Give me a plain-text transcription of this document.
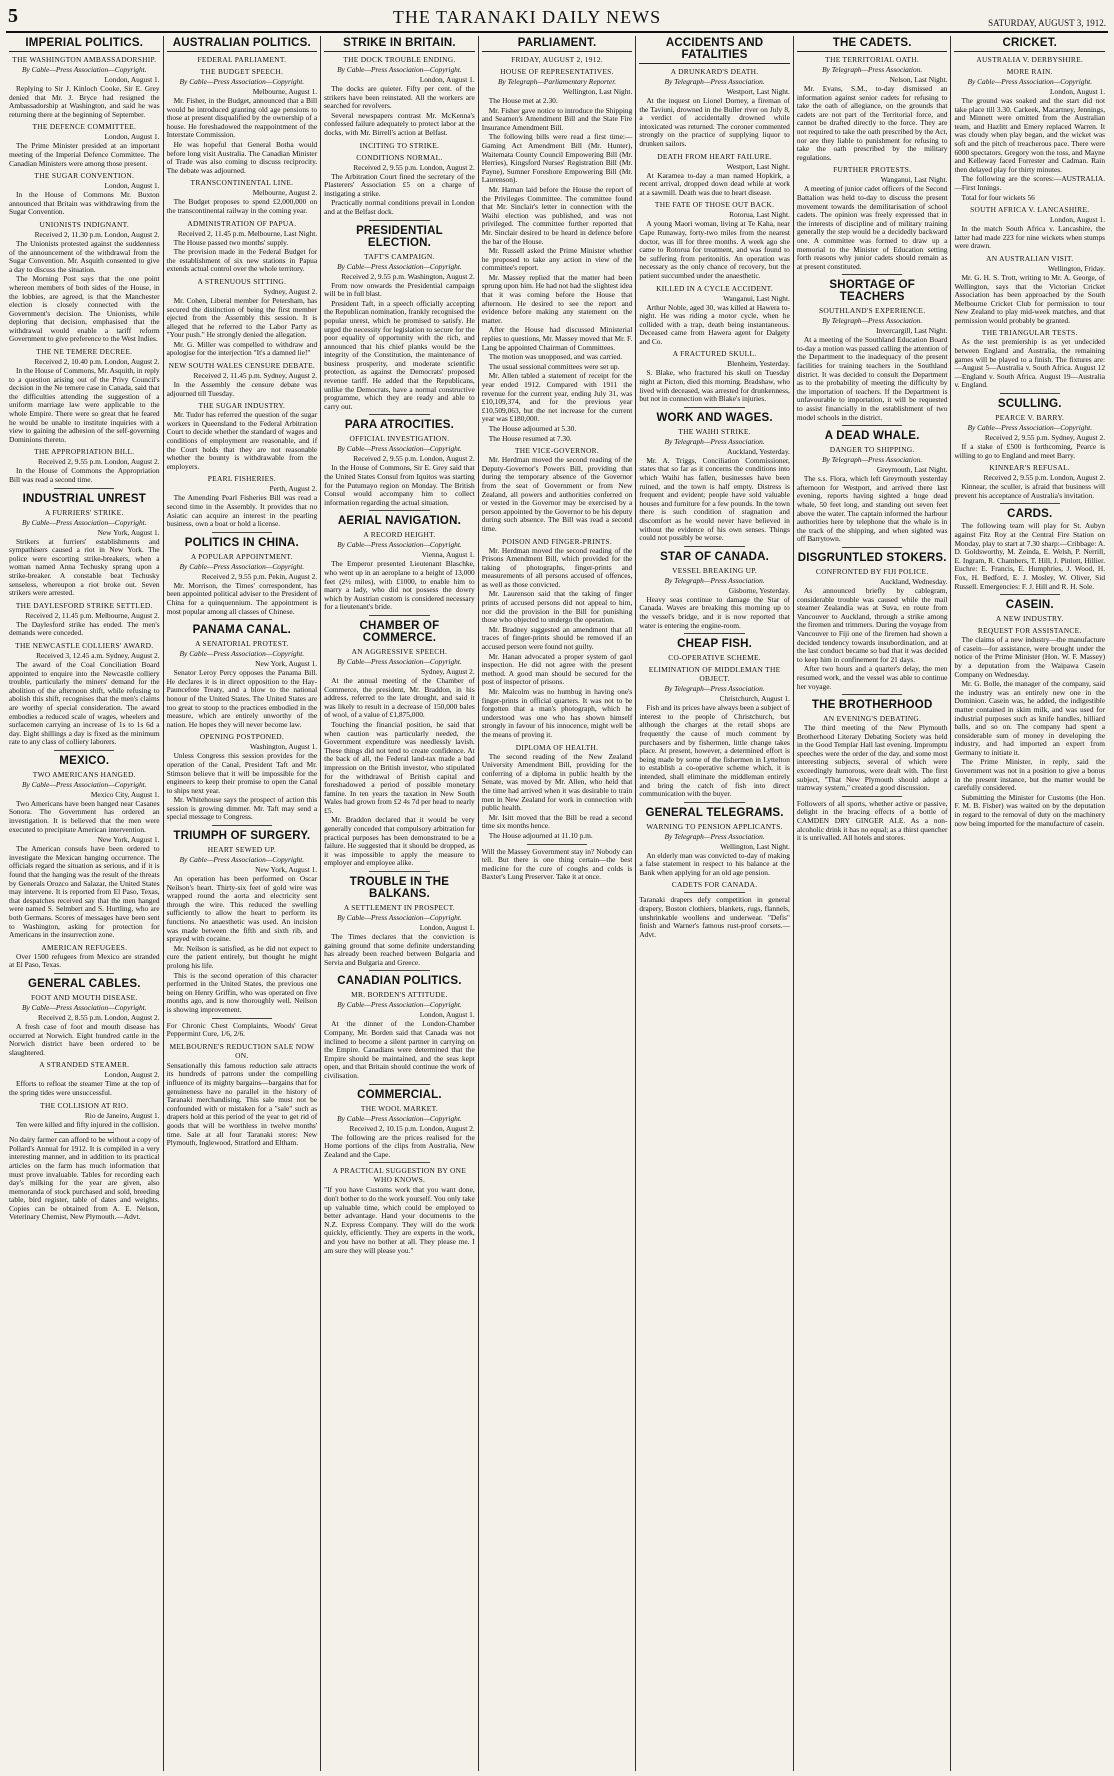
5	THE TARANAKI DAILY NEWS	SATURDAY, AUGUST 3, 1912.
IMPERIAL POLITICS.
THE WASHINGTON AMBASSADORSHIP.
By Cable—Press Association—Copyright.
London, August 1.
Replying to Sir J. Kinloch Cooke, Sir E. Grey denied that Mr. J. Bryce had resigned the Ambassadorship at Washington, and said he was returning there at the beginning of September.
THE DEFENCE COMMITTEE.
London, August 1.
The Prime Minister presided at an important meeting of the Imperial Defence Committee. The Canadian Ministers were among those present.
THE SUGAR CONVENTION.
London, August 1.
In the House of Commons Mr. Buxton announced that Britain was withdrawing from the Sugar Convention.
UNIONISTS INDIGNANT.
Received 2, 11.30 p.m. London, August 2.
The Unionists protested against the suddenness of the announcement of the withdrawal from the Sugar Convention. Mr. Asquith consented to give a day to discuss the situation.
The Morning Post says that the one point whereon members of both sides of the House, in the lobbies, are agreed, is that the Manchester election is closely connected with the Government's decision. The Unionists, while deploring that decision, emphasised that the withdrawal would enable a tariff reform Government to give preference to the West Indies.
THE NE TEMERE DECREE.
Received 2, 10.40 p.m. London, August 2.
In the House of Commons, Mr. Asquith, in reply to a question arising out of the Privy Council's decision in the Ne temere case in Canada, said that the difficulties attending the suggestion of a uniform marriage law were applicable to the whole Empire. There were so great that he feared he would be unable to institute inquiries with a view to gaining the adhesion of the self-governing Dominions thereto.
THE APPROPRIATION BILL.
Received 2, 9.55 p.m. London, August 2.
In the House of Commons the Appropriation Bill was read a second time.
INDUSTRIAL UNREST
A FURRIERS' STRIKE.
By Cable—Press Association—Copyright.
New York, August 1.
Strikers at furriers' establishments and sympathisers caused a riot in New York. The police were escorting strike-breakers, when a woman named Anna Techusky sprang upon a strike-breaker. A constable beat Techusky senseless, whereupon a riot broke out. Seven strikers were arrested.
THE DAYLESFORD STRIKE SETTLED.
Received 2, 11.45 p.m. Melbourne, August 2.
The Daylesford strike has ended. The men's demands were conceded.
THE NEWCASTLE COLLIERS' AWARD.
Received 3, 12.45 a.m. Sydney, August 2.
The award of the Coal Conciliation Board appointed to enquire into the Newcastle colliery trouble, particularly the miners' demand for the abolition of the afternoon shift, while refusing to abolish this shift, recognises that the men's claims are worthy of special consideration. The award embodies a reduced scale of wages, wheelers and surfacemen carrying an increase of 1s to 1s 6d a day. Eight shillings a day is fixed as the minimum rate to any class of colliery laborers.
MEXICO.
TWO AMERICANS HANGED.
By Cable—Press Association—Copyright.
Mexico City, August 1.
Two Americans have been hanged near Casanes Sonora. The Government has ordered an investigation. It is believed that the men were executed to precipitate American intervention.
New York, August 1.
The American consuls have been ordered to investigate the Mexican hanging occurrence. The officials regard the situation as serious, and if it is found that the hanging was the result of the threats by Generals Orozco and Salazar, the United States may intervene. It is reported from El Paso, Texas, that despatches received say that the men hanged were named S. Selmbert and S. Hurtling, who are both Germans. Scores of messages have been sent to Washington, asking for protection for Americans in the insurrection zone.
AMERICAN REFUGEES.
Over 1500 refugees from Mexico are stranded at El Paso, Texas.
GENERAL CABLES.
FOOT AND MOUTH DISEASE.
By Cable—Press Association—Copyright.
Received 2, 8.55 p.m. London, August 2.
A fresh case of foot and mouth disease has occurred at Norwich. Eight hundred cattle in the Norwich district have been ordered to be slaughtered.
A STRANDED STEAMER.
London, August 2.
Efforts to refloat the steamer Time at the top of the spring tides were unsuccessful.
THE COLLISION AT RIO.
Rio de Janeiro, August 1.
Ten were killed and fifty injured in the collision.
No dairy farmer can afford to be without a copy of Pollard's Annual for 1912. It is compiled in a very interesting manner, and in addition to its practical articles on the farm has much information that must prove invaluable. Tables for recording each day's milking for the year are given, also memoranda of stock purchased and sold, breeding table, bird register, table of dates and weights. Copies can be obtained from A. E. Nelson, Veterinary Chemist, New Plymouth.—Advt.
AUSTRALIAN POLITICS.
FEDERAL PARLIAMENT.
THE BUDGET SPEECH.
By Cable—Press Association—Copyright.
Melbourne, August 1.
Mr. Fisher, in the Budget, announced that a Bill would be introduced granting old age pensions to those at present disqualified by the ownership of a house. He foreshadowed the reappointment of the Interstate Commission.
He was hopeful that General Botha would before long visit Australia. The Canadian Minister of Trade was also coming to discuss reciprocity. The debate was adjourned.
TRANSCONTINENTAL LINE.
Melbourne, August 2.
The Budget proposes to spend £2,000,000 on the transcontinental railway in the coming year.
ADMINISTRATION OF PAPUA.
Received 2, 11.45 p.m. Melbourne, Last Night.
The House passed two months' supply.
The provision made in the Federal Budget for the establishment of six new stations in Papua extends actual control over the whole territory.
A STRENUOUS SITTING.
Sydney, August 2.
Mr. Cohen, Liberal member for Petersham, has secured the distinction of being the first member ejected from the Assembly this session. It is alleged that he referred to the Labor Party as "Your push." He strongly denied the allegation.
Mr. G. Miller was compelled to withdraw and apologise for the interjection "It's a damned lie!"
NEW SOUTH WALES CENSURE DEBATE.
Received 2, 11.45 p.m. Sydney, August 2.
In the Assembly the censure debate was adjourned till Tuesday.
THE SUGAR INDUSTRY.
Mr. Tudor has referred the question of the sugar workers in Queensland to the Federal Arbitration Court to decide whether the standard of wages and conditions of employment are reasonable, and if the Court holds that they are not reasonable whether the bounty is withdrawable from the employers.
PEARL FISHERIES.
Perth, August 2.
The Amending Pearl Fisheries Bill was read a second time in the Assembly. It provides that no Asiatic can acquire an interest in the pearling business, own a boat or hold a license.
POLITICS IN CHINA.
A POPULAR APPOINTMENT.
By Cable—Press Association—Copyright.
Received 2, 9.55 p.m. Pekin, August 2.
Mr. Morrison, the Times' correspondent, has been appointed political adviser to the President of China for a quinquennium. The appointment is most popular among all classes of Chinese.
PANAMA CANAL.
A SENATORIAL PROTEST.
By Cable—Press Association—Copyright.
New York, August 1.
Senator Leroy Percy opposes the Panama Bill. He declares it is in direct opposition to the Hay-Pauncefote Treaty, and a blow to the national honour of the United States. The United States are too great to stoop to the practices embodied in the measure, which are entirely unworthy of the nation. He hopes they will never become law.
OPENING POSTPONED.
Washington, August 1.
Unless Congress this session provides for the operation of the Canal, President Taft and Mr. Stimson believe that it will be impossible for the engineers to keep their promise to open the Canal to ships next year.
Mr. Whitehouse says the prospect of action this session is growing dimmer. Mr. Taft may send a special message to Congress.
TRIUMPH OF SURGERY.
HEART SEWED UP.
By Cable—Press Association—Copyright.
New York, August 1.
An operation has been performed on Oscar Neilson's heart. Thirty-six feet of gold wire was wrapped round the aorta and electricity sent through the wire. This reduced the swelling sufficiently to allow the heart to perform its functions. No anaesthetic was used. An incision was made between the fifth and sixth rib, and sprayed with cocaine.
Mr. Neilson is satisfied, as he did not expect to cure the patient entirely, but thought he might prolong his life.
This is the second operation of this character performed in the United States, the previous one being on Henry Griffin, who was operated on five months ago, and is now thoroughly well. Neilson is showing improvement.
For Chronic Chest Complaints, Woods' Great Peppermint Cure, 1/6, 2/6.
MELBOURNE'S REDUCTION SALE NOW ON.
Sensationally this famous reduction sale attracts its hundreds of patrons under the compelling influence of its mighty bargains—bargains that for genuineness have no parallel in the history of Taranaki merchandising. This sale must not be confounded with or mistaken for a "sale" such as drapers hold at this period of the year to get rid of goods that will be worthless in twelve months' time. Sale at all four Taranaki stores: New Plymouth, Inglewood, Stratford and Eltham.
STRIKE IN BRITAIN.
THE DOCK TROUBLE ENDING.
By Cable—Press Association—Copyright.
London, August 1.
The docks are quieter. Fifty per cent. of the strikers have been reinstated. All the workers are searched for revolvers.
Several newspapers contrast Mr. McKenna's confessed failure adequately to protect labor at the docks, with Mr. Birrell's action at Belfast.
INCITING TO STRIKE.
CONDITIONS NORMAL.
Received 2, 9.55 p.m. London, August 2.
The Arbitration Court fined the secretary of the Plasterers' Association £5 on a charge of instigating a strike.
Practically normal conditions prevail in London and at the Belfast dock.
PRESIDENTIAL ELECTION.
TAFT'S CAMPAIGN.
By Cable—Press Association—Copyright.
Received 2, 9.55 p.m. Washington, August 2.
From now onwards the Presidential campaign will be in full blast.
President Taft, in a speech officially accepting the Republican nomination, frankly recognised the popular unrest, which he promised to satisfy. He urged the necessity for legislation to secure for the poor equality of opportunity with the rich, and announced that his chief planks would be the integrity of the Constitution, the maintenance of business prosperity, and moderate scientific protection, as against the Democrats' proposed revenue tariff. He added that the Republicans, unlike the Democrats, have a normal constructive programme, which they are ready and able to carry out.
PARA ATROCITIES.
OFFICIAL INVESTIGATION.
By Cable—Press Association—Copyright.
Received 2, 9.55 p.m. London, August 2.
In the House of Commons, Sir E. Grey said that the United States Consul from Iquitos was starting for the Putumayo region on Monday. The British Consul would accompany him to collect information regarding the actual situation.
AERIAL NAVIGATION.
A RECORD HEIGHT.
By Cable—Press Association—Copyright.
Vienna, August 1.
The Emperor presented Lieutenant Blaschke, who went up in an aeroplane to a height of 13,000 feet (2½ miles), with £1000, to enable him to marry a lady, who did not possess the dowry which by Austrian custom is considered necessary for a lieutenant's bride.
CHAMBER OF COMMERCE.
AN AGGRESSIVE SPEECH.
By Cable—Press Association—Copyright.
Sydney, August 2.
At the annual meeting of the Chamber of Commerce, the president, Mr. Braddon, in his address, referred to the late drought, and said it was likely to result in a decrease of 150,000 bales of wool, of a value of £1,875,000.
Touching the financial position, he said that when caution was particularly needed, the Government expenditure was needlessly lavish. These things did not tend to create confidence. At the back of all, the Federal land-tax made a bad impression on the British investor, who stipulated for the withdrawal of British capital and foreshadowed a period of possible monetary famine. In ten years the taxation in New South Wales had grown from £2 4s 7d per head to nearly £5.
Mr. Braddon declared that it would be very generally conceded that compulsory arbitration for practical purposes has been demonstrated to be a failure. He suggested that it should be dropped, as it was impossible to apply the measure to employer and employee alike.
TROUBLE IN THE BALKANS.
A SETTLEMENT IN PROSPECT.
By Cable—Press Association—Copyright.
London, August 1.
The Times declares that the conviction is gaining ground that some definite understanding has already been reached between Bulgaria and Servia and Bulgaria and Greece.
CANADIAN POLITICS.
MR. BORDEN'S ATTITUDE.
By Cable—Press Association—Copyright.
London, August 1.
At the dinner of the London-Chamber Company, Mr. Borden said that Canada was not inclined to become a silent partner in carrying on the Empire. Canadians were determined that the Empire should be maintained, and the seas kept open, and that Britain should continue the work of civilisation.
COMMERCIAL.
THE WOOL MARKET.
By Cable—Press Association—Copyright.
Received 2, 10.15 p.m. London, August 2.
The following are the prices realised for the Home portions of the clips from Australia, New Zealand and the Cape.
A PRACTICAL SUGGESTION BY ONE WHO KNOWS.
"If you have Customs work that you want done, don't bother to do the work yourself. You only take up valuable time, which could be employed to better advantage. Hand your documents to the N.Z. Express Company. They will do the work quickly, efficiently. They are experts in the work, and you have no bother at all. They please me. I am sure they will please you."
PARLIAMENT.
FRIDAY, AUGUST 2, 1912.
HOUSE OF REPRESENTATIVES.
By Telegraph—Parliamentary Reporter.
Wellington, Last Night.
The House met at 2.30.
Mr. Fisher gave notice to introduce the Shipping and Seamen's Amendment Bill and the State Fire Insurance Amendment Bill.
The following bills were read a first time:—Gaming Act Amendment Bill (Mr. Hunter), Waitemata County Council Empowering Bill (Mr. Herries), Kingsford Nurses' Registration Bill (Mr. Payne), Sumner Foreshore Empowering Bill (Mr. Laurenson).
Mr. Haman laid before the House the report of the Privileges Committee. The committee found that Mr. Sinclair's letter in connection with the Waihi election was published, and was not privileged. The committee further reported that Mr. Sinclair desired to be heard in defence before the bar of the House.
Mr. Russell asked the Prime Minister whether he proposed to take any action in view of the committee's report.
Mr. Massey replied that the matter had been sprung upon him. He had not had the slightest idea that it was coming before the House that afternoon. He desired to see the report and evidence before making any statement on the matter.
After the House had discussed Ministerial replies to questions, Mr. Massey moved that Mr. F. Lang be appointed Chairman of Committees.
The motion was unopposed, and was carried.
The usual sessional committees were set up.
Mr. Allen tabled a statement of receipt for the year ended 1912. Compared with 1911 the revenue for the current year, ending July 31, was £10,109,374, and for the previous year £10,509,063, but the net increase for the current year was £180,000.
The House adjourned at 5.30.
The House resumed at 7.30.
THE VICE-GOVERNOR.
Mr. Herdman moved the second reading of the Deputy-Governor's Powers Bill, providing that during the temporary absence of the Governor from the seat of Government or from New Zealand, all powers and authorities conferred on or vested in the Governor may be exercised by a person appointed by the Governor to be his deputy during such absence. The Bill was read a second time.
POISON AND FINGER-PRINTS.
Mr. Herdman moved the second reading of the Prisons Amendment Bill, which provided for the taking of photographs, finger-prints and measurements of all persons accused of offences, as well as those convicted.
Mr. Laurenson said that the taking of finger prints of accused persons did not appeal to him, nor did the provision in the Bill for punishing those who objected to undergo the operation.
Mr. Bradney suggested an amendment that all traces of finger-prints should be removed if an accused person were found not guilty.
Mr. Hanan advocated a proper system of gaol inspection. He did not agree with the present method. A good man should be secured for the post of inspector of prisons.
Mr. Malcolm was no humbug in having one's finger-prints in official quarters. It was not to be forgotten that a man's photograph, which he understood was one who has shown himself strongly in favour of his innocence, might well be the means of proving it.
DIPLOMA OF HEALTH.
The second reading of the New Zealand University Amendment Bill, providing for the conferring of a diploma in public health by the Senate, was moved by Mr. Allen, who held that the time had arrived when it was desirable to train men in New Zealand for work in connection with public health.
Mr. Isitt moved that the Bill be read a second time six months hence.
The House adjourned at 11.10 p.m.
Will the Massey Government stay in? Nobody can tell. But there is one thing certain—the best medicine for the cure of coughs and colds is Baxter's Lung Preserver. Take it at once.
ACCIDENTS AND FATALITIES
A DRUNKARD'S DEATH.
By Telegraph—Press Association.
Westport, Last Night.
At the inquest on Lionel Dorney, a fireman of the Taviuni, drowned in the Buller river on July 8, a verdict of accidentally drowned while intoxicated was returned. The coroner commented strongly on the practice of supplying liquor to drunken sailors.
DEATH FROM HEART FAILURE.
Westport, Last Night.
At Karamea to-day a man named Hopkirk, a recent arrival, dropped down dead while at work at a sawmill. Death was due to heart disease.
THE FATE OF THOSE OUT BACK.
Rotorua, Last Night.
A young Maori woman, living at Te Kaha, near Cape Runaway, forty-two miles from the nearest doctor, was ill for three months. A week ago she came to Rotorua for treatment, and was found to be suffering from peritonitis. An operation was necessary as the only chance of recovery, but the patient succumbed under the anaesthetic.
KILLED IN A CYCLE ACCIDENT.
Wanganui, Last Night.
Arthur Noble, aged 30, was killed at Hawera to-night. He was riding a motor cycle, when he collided with a trap, death being instantaneous. Deceased came from Hawera agent for Dalgety and Co.
A FRACTURED SKULL.
Blenheim, Yesterday.
S. Blake, who fractured his skull on Tuesday night at Picton, died this morning. Bradshaw, who lived with deceased, was arrested for drunkenness, but not in connection with Blake's injuries.
WORK AND WAGES.
THE WAIHI STRIKE.
By Telegraph—Press Association.
Auckland, Yesterday.
Mr. A. Triggs, Conciliation Commissioner, states that so far as it concerns the conditions into which Waihi has fallen, businesses have been ruined, and the town is half empty. Distress is frequent and evident; people have sold valuable houses and furniture for a few pounds. In the town there is such condition of stagnation and discomfort as he would never have believed in without the evidence of his own senses. Things could not possibly be worse.
STAR OF CANADA.
VESSEL BREAKING UP.
By Telegraph—Press Association.
Gisborne, Yesterday.
Heavy seas continue to damage the Star of Canada. Waves are breaking this morning up to the vessel's bridge, and it is now reported that water is entering the engine-room.
CHEAP FISH.
CO-OPERATIVE SCHEME.
ELIMINATION OF MIDDLEMAN THE OBJECT.
By Telegraph—Press Association.
Christchurch, August 1.
Fish and its prices have always been a subject of interest to the people of Christchurch, but although the charges at the retail shops are frequently the cause of much comment by purchasers and by fishermen, little change takes place. At present, however, a determined effort is being made by some of the fishermen in Lyttelton to establish a co-operative scheme which, it is intended, shall eliminate the middleman entirely and bring the catch of fish into direct communication with the buyer.
GENERAL TELEGRAMS.
WARNING TO PENSION APPLICANTS.
By Telegraph—Press Association.
Wellington, Last Night.
An elderly man was convicted to-day of making a false statement in respect to his balance at the Bank when applying for an old age pension.
CADETS FOR CANADA.
Taranaki drapers defy competition in general drapery, Boston clothiers, blankets, rugs, flannels, unshrinkable woollens and underwear. "Defis" finish and Warner's famous rust-proof corsets.—Advt.
THE CADETS.
THE TERRITORIAL OATH.
By Telegraph—Press Association.
Nelson, Last Night.
Mr. Evans, S.M., to-day dismissed an information against senior cadets for refusing to take the oath of allegiance, on the grounds that cadets are not part of the Territorial force, and cannot be drafted directly to the force. They are not required to take the oath prescribed by the Act, nor are they liable to punishment for refusing to take the oath prescribed by the military regulations.
FURTHER PROTESTS.
Wanganui, Last Night.
A meeting of junior cadet officers of the Second Battalion was held to-day to discuss the present movement towards the demilitarisation of school cadets. The opinion was freely expressed that in the interests of discipline and of military training generally the step would be a decidedly backward one. A committee was formed to draw up a memorial to the Minister of Education setting forth reasons why junior cadets should remain as at present constituted.
SHORTAGE OF TEACHERS
SOUTHLAND'S EXPERIENCE.
By Telegraph—Press Association.
Invercargill, Last Night.
At a meeting of the Southland Education Board to-day a motion was passed calling the attention of the Department to the inadequacy of the present facilities for training teachers in the Southland district. It was decided to consult the Department as to the probability of meeting the difficulty by the importation of teachers. If the Department is unfavourable to importation, it will be requested to assist financially in the establishment of two model schools in the district.
A DEAD WHALE.
DANGER TO SHIPPING.
By Telegraph—Press Association.
Greymouth, Last Night.
The s.s. Flora, which left Greymouth yesterday afternoon for Westport, and arrived there last evening, reports having sighted a huge dead whale, 50 feet long, and standing out seven feet above the water. The captain informed the harbour authorities here by telephone that the whale is in the track of the shipping, and when sighted was off Barrytown.
DISGRUNTLED STOKERS.
CONFRONTED BY FIJI POLICE.
Auckland, Wednesday.
As announced briefly by cablegram, considerable trouble was caused while the mail steamer Zealandia was at Suva, en route from Vancouver to Auckland, through a strike among the firemen and trimmers. During the voyage from Vancouver to Fiji one of the firemen had shown a decided tendency towards insubordination, and at the last conduct became so bad that it was decided to keep him in confinement for 21 days.
After two hours and a quarter's delay, the men resumed work, and the vessel was able to continue her voyage.
THE BROTHERHOOD
AN EVENING'S DEBATING.
The third meeting of the New Plymouth Brotherhood Literary Debating Society was held in the Good Templar Hall last evening. Impromptu speeches were the order of the day, and some most interesting subjects, several of which were exceedingly humorous, were dealt with. The first subject, "That New Plymouth should adopt a tramway system," created a good discussion.
Followers of all sports, whether active or passive, delight in the bracing effects of a bottle of CAMDEN DRY GINGER ALE. As a non-alcoholic drink it has no equal; as a thirst quencher it is unrivalled. All hotels and stores.
CRICKET.
AUSTRALIA V. DERBYSHIRE.
MORE RAIN.
By Cable—Press Association—Copyright.
London, August 1.
The ground was soaked and the start did not take place till 3.30. Carkeek, Macartney, Jennings, and Minnett were omitted from the Australian team, and Hazlitt and Emery replaced Warren. It was cloudy when play began, and the wicket was soft and the pitch of treacherous pace. There were 6000 spectators. Gregory won the toss, and Mayne and Kelleway faced Forrester and Cadman. Rain then delayed play for thirty minutes.
The following are the scores:—AUSTRALIA.—First Innings.
Total for four wickets 56
SOUTH AFRICA V. LANCASHIRE.
London, August 1.
In the match South Africa v. Lancashire, the latter had made 223 for nine wickets when stumps were drawn.
AN AUSTRALIAN VISIT.
Wellington, Friday.
Mr. G. H. S. Trott, writing to Mr. A. George, of Wellington, says that the Victorian Cricket Association has been approached by the South Melbourne Cricket Club for permission to tour New Zealand to play mid-week matches, and that permission would probably be granted.
THE TRIANGULAR TESTS.
As the test premiership is as yet undecided between England and Australia, the remaining games will be played to a finish. The fixtures are:—August 5—Australia v. South Africa. August 12—England v. South Africa. August 19—Australia v. England.
SCULLING.
PEARCE V. BARRY.
By Cable—Press Association—Copyright.
Received 2, 9.55 p.m. Sydney, August 2.
If a stake of £500 is forthcoming, Pearce is willing to go to England and meet Barry.
KINNEAR'S REFUSAL.
Received 2, 9.55 p.m. London, August 2.
Kinnear, the sculler, is afraid that business will prevent his acceptance of Australia's invitation.
CARDS.
The following team will play for St. Aubyn against Fitz Roy at the Central Fire Station on Monday, play to start at 7.30 sharp:—Cribbage: A. D. Goldsworthy, M. Zeinda, E. Welsh, P. Nerrill, E. Ingram, R. Chambers, T. Hill, J. Pinlott, Hillier. Euchre: E. Francis, E. Humphries, J. Wood, H. Fox, H. Bedford, E. J. Mosley, W. Oliver, Sid Russell. Emergencies: F. J. Hill and R. H. Sole.
CASEIN.
A NEW INDUSTRY.
REQUEST FOR ASSISTANCE.
The claims of a new industry—the manufacture of casein—for assistance, were brought under the notice of the Prime Minister (Hon. W. F. Massey) by a deputation from the Waipawa Casein Company on Wednesday.
Mr. G. Bolle, the manager of the company, said the industry was an entirely new one in the Dominion. Casein was, he added, the indigestible matter contained in skim milk, and was used for industrial purposes such as knife handles, billiard balls, and so on. The company had spent a considerable sum of money in developing the industry, and had imported an expert from Germany to initiate it.
The Prime Minister, in reply, said the Government was not in a position to give a bonus in the present instance, but the matter would be carefully considered.
Submitting the Minister for Customs (the Hon. F. M. B. Fisher) was waited on by the deputation in regard to the removal of duty on the machinery now being imported for the manufacture of casein.
